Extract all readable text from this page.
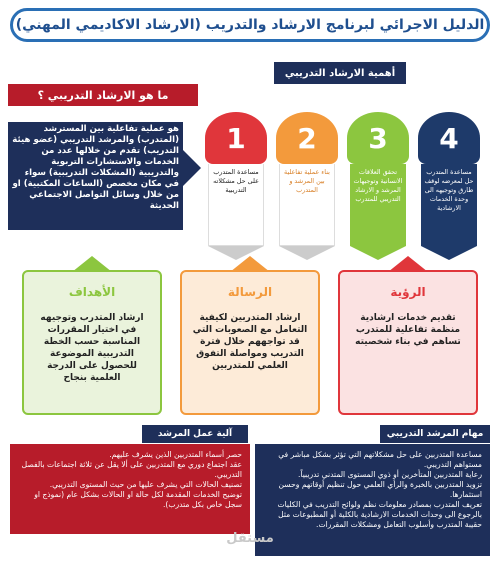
الدليل الاجرائي لبرنامج الارشاد والتدريب (الارشاد الاكاديمي المهني)
أهمية الارشاد التدريبي
ما هو الارشاد التدريبي ؟
هو عملية تفاعلية بين المسترشد (المتدرب) والمرشد التدريبي (عضو هيئة التدريب) تقدم من خلالها عدد من الخدمات والاستشارات التربوية والتدريبية (المشكلات التدريبية) سواء في مكان مخصص (الساعات المكتبية) او من خلال وسائل التواصل الاجتماعي الحديثة
1
مساعدة المتدرب على حل مشكلاته التدريبية
2
بناء عملية تفاعلية بين المرشد و المتدرب
3
تحقق العلاقات الانسانية وتوجيهات المرشد و الارشاد التدريبي للمتدرب
4
مساعدة المتدرب حل لمعرضه لوقف طارق وتوجيهه الى وحدة الخدمات الارشادية
الأهداف
ارشاد المتدرب وتوجيهه في اختيار المقررات المناسبة حسب الخطة التدريبية الموضوعة للحصول على الدرجة العلمية بنجاح
الرسالة
ارشاد المتدربين لكيفية التعامل مع الصعوبات التي قد تواجههم خلال فترة التدريب ومواصلة التفوق العلمي للمتدربين
الرؤية
تقديم خدمات ارشادية منظمة تفاعلية للمتدرب تساهم في بناء شخصيته
آلية عمل المرشد
حصر أسماء المتدربين الذين يشرف عليهم.
عقد اجتماع دوري مع المتدربين على ألا يقل عن ثلاثة اجتماعات بالفصل التدريبي.
تصنيف الحالات التي يشرف عليها من حيث المستوى التدريبي.
توضيح الخدمات المقدمة لكل حالة او الحالات بشكل عام (نموذج او سجل خاص بكل متدرب).
مهام المرشد التدريبي
مساعدة المتدربين على حل مشكلاتهم التي تؤثر بشكل مباشر في مستواهم التدريبي.
رعاية المتدربين المتأخرين أو ذوي المستوى المتدني تدريبياً.
تزويد المتدربين بالخبرة والرأي العلمي حول تنظيم أوقاتهم وحسن استثمارها.
تعريف المتدرب بمصادر معلومات نظم ولوائح التدريب في الكليات بالرجوع الى وحدات الخدمات الارشادية بالكلية أو المطبوعات مثل حقيبة المتدرب وأسلوب التعامل ومشكلات المقررات.
مستقل
